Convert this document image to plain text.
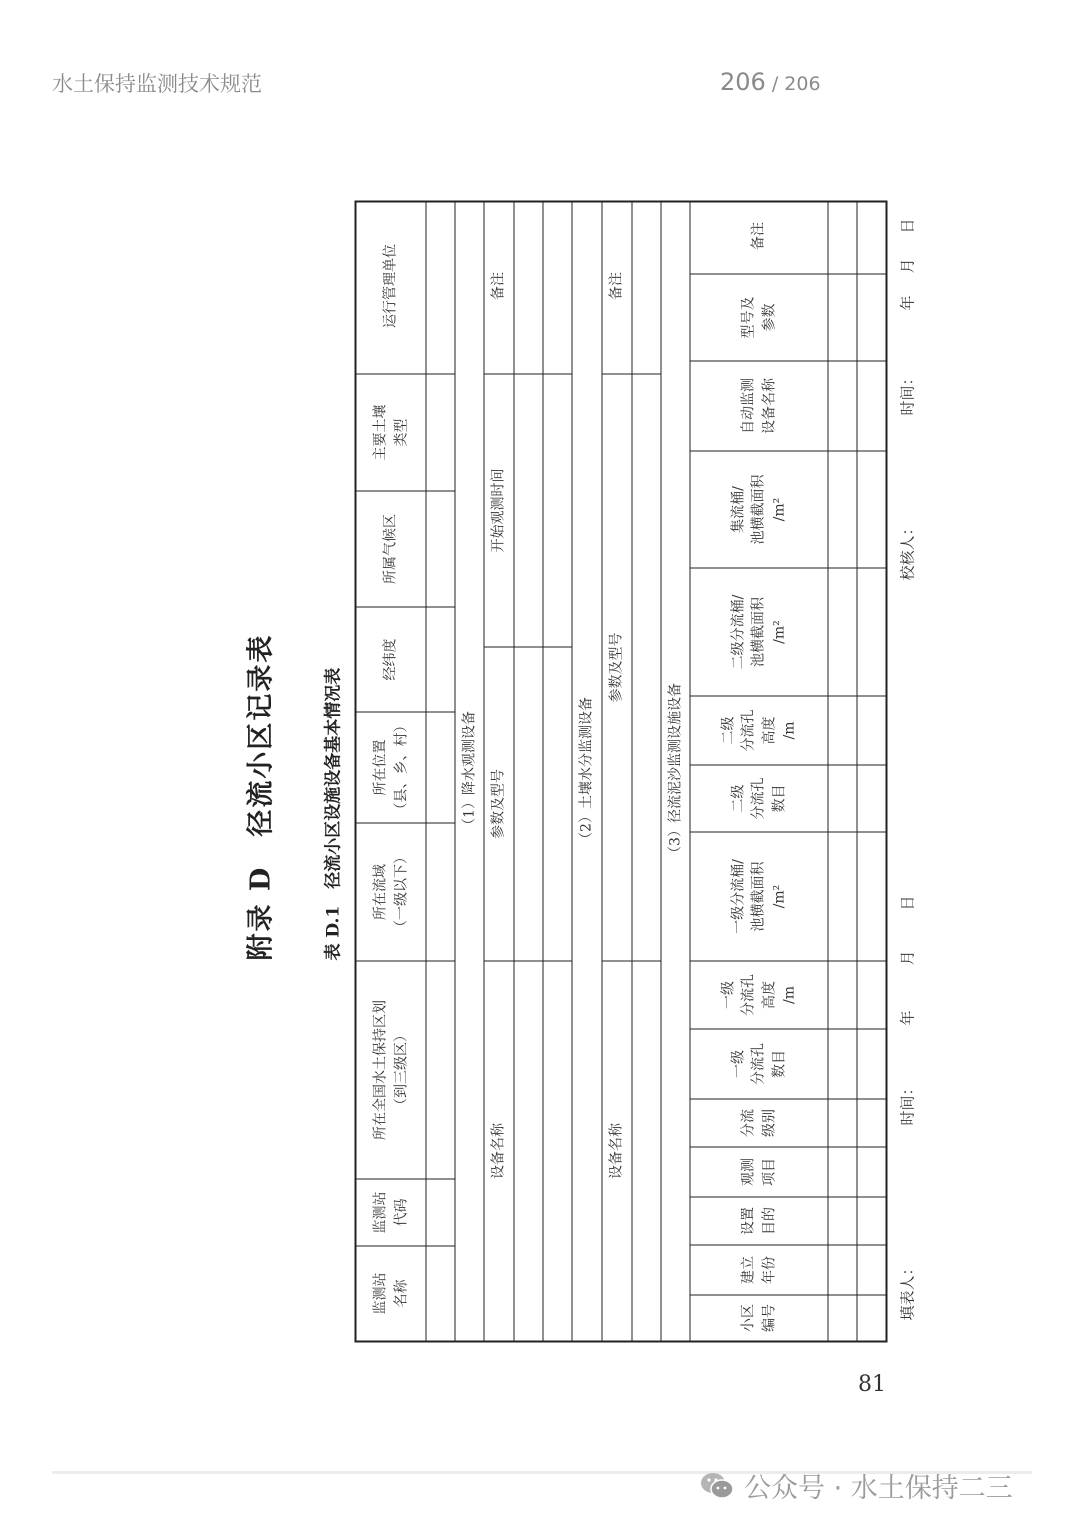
水土保持监测技术规范	206 / 206
附录 D　径流小区记录表	表 D.1　径流小区设施设备基本情况表
监测站
名称
监测站
代码
所在全国水土保持区划
（到三级区）
所在流域
（一级以下）
所在位置
（县、乡、村）
经纬度
所属气候区
主要土壤
类型
运行管理单位
（1）降水观测设备
设备名称
参数及型号
开始观测时间
备注
（2）土壤水分监测设备
设备名称
参数及型号
备注
（3）径流泥沙监测设施设备
小区
编号
建立
年份
设置
目的
观测
项目
分流
级别
一级
分流孔
数目
一级
分流孔
高度
/m
一级分流桶/
池横截面积
/m²
二级
分流孔
数目
二级
分流孔
高度
/m
二级分流桶/
池横截面积
/m²
集流桶/
池横截面积
/m²
自动监测
设备名称
型号及
参数
备注
填表人：
时间：
年
月
日
校核人：
时间：
年
月
日
81
公众号 · 水土保持二三
